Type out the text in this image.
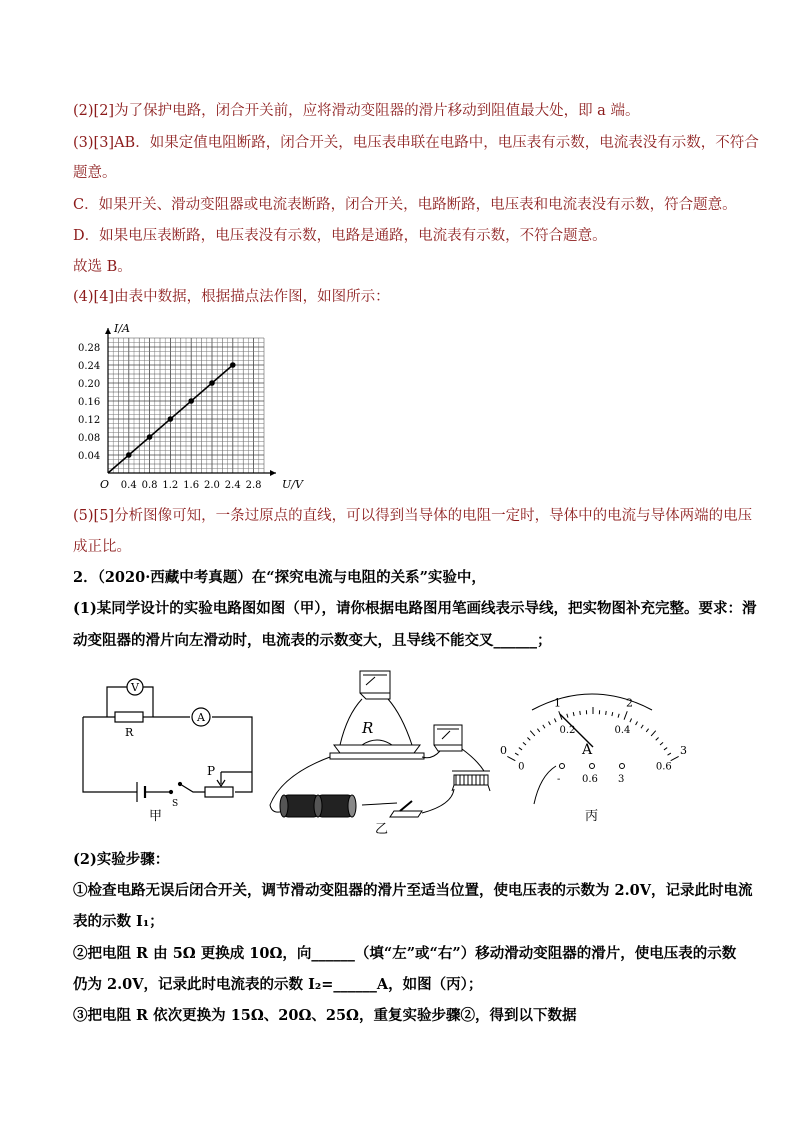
(2)[2]为了保护电路，闭合开关前，应将滑动变阻器的滑片移动到阻值最大处，即 a 端。
(3)[3]AB．如果定值电阻断路，闭合开关，电压表串联在电路中，电压表有示数，电流表没有示数，不符合
题意。
C．如果开关、滑动变阻器或电流表断路，闭合开关，电路断路，电压表和电流表没有示数，符合题意。
D．如果电压表断路，电压表没有示数，电路是通路，电流表有示数，不符合题意。
故选 B。
(4)[4]由表中数据，根据描点法作图，如图所示：
0.4 0.8 1.2 1.6 2.0 2.4 2.8
0.04
0.08
0.12
0.16
0.20
0.24
0.28
I/A
U/V
O
(5)[5]分析图像可知，一条过原点的直线，可以得到当导体的电阻一定时，导体中的电流与导体两端的电压
成正比。
2．（2020·西藏中考真题）在“探究电流与电阻的关系”实验中，
(1)某同学设计的实验电路图如图（甲），请你根据电路图用笔画线表示导线，把实物图补充完整。要求：滑
动变阻器的滑片向左滑动时，电流表的示数变大，且导线不能交叉______；
V
A
R
P
S
甲
R
乙
0
1	2
3
0
0.2	0.4
0.6
A
- 0.6 3
丙
(2)实验步骤：
①检查电路无误后闭合开关，调节滑动变阻器的滑片至适当位置，使电压表的示数为 2.0V，记录此时电流
表的示数 I₁；
②把电阻 R 由 5Ω 更换成 10Ω，向______（填“左”或“右”）移动滑动变阻器的滑片，使电压表的示数
仍为 2.0V，记录此时电流表的示数 I₂=______A，如图（丙）；
③把电阻 R 依次更换为 15Ω、20Ω、25Ω，重复实验步骤②，得到以下数据
